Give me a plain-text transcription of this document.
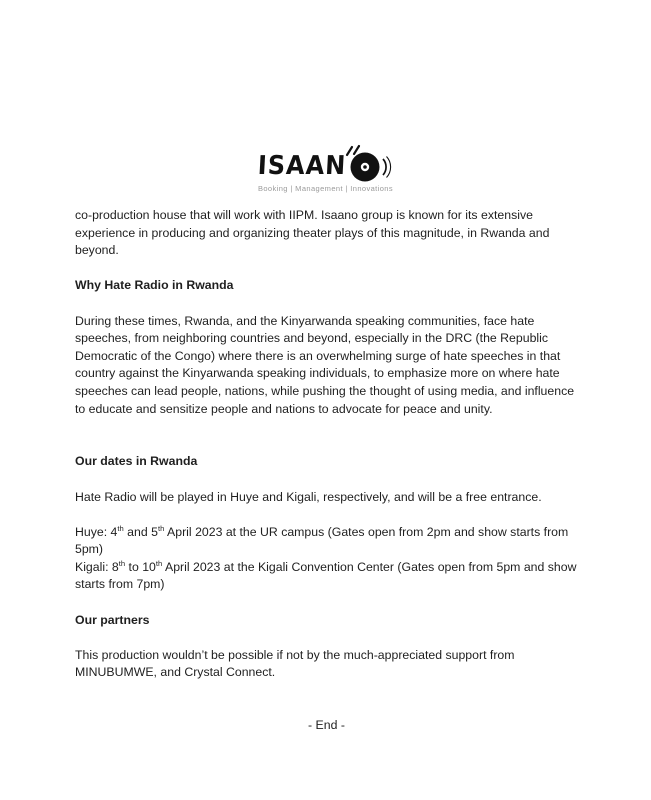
ISAAN
Booking | Management | Innovations

co-production house that will work with IIPM. Isaano group is known for its extensive experience in producing and organizing theater plays of this magnitude, in Rwanda and beyond.

Why Hate Radio in Rwanda

During these times, Rwanda, and the Kinyarwanda speaking communities, face hate speeches, from neighboring countries and beyond, especially in the DRC (the Republic Democratic of the Congo) where there is an overwhelming surge of hate speeches in that country against the Kinyarwanda speaking individuals, to emphasize more on where hate speeches can lead people, nations, while pushing the thought of using media, and influence to educate and sensitize people and nations to advocate for peace and unity.

Our dates in Rwanda

Hate Radio will be played in Huye and Kigali, respectively, and will be a free entrance.

Huye: 4th and 5th April 2023 at the UR campus (Gates open from 2pm and show starts from 5pm)

Kigali: 8th to 10th April 2023 at the Kigali Convention Center (Gates open from 5pm and show starts from 7pm)

Our partners

This production wouldn’t be possible if not by the much-appreciated support from MINUBUMWE, and Crystal Connect.

- End -
